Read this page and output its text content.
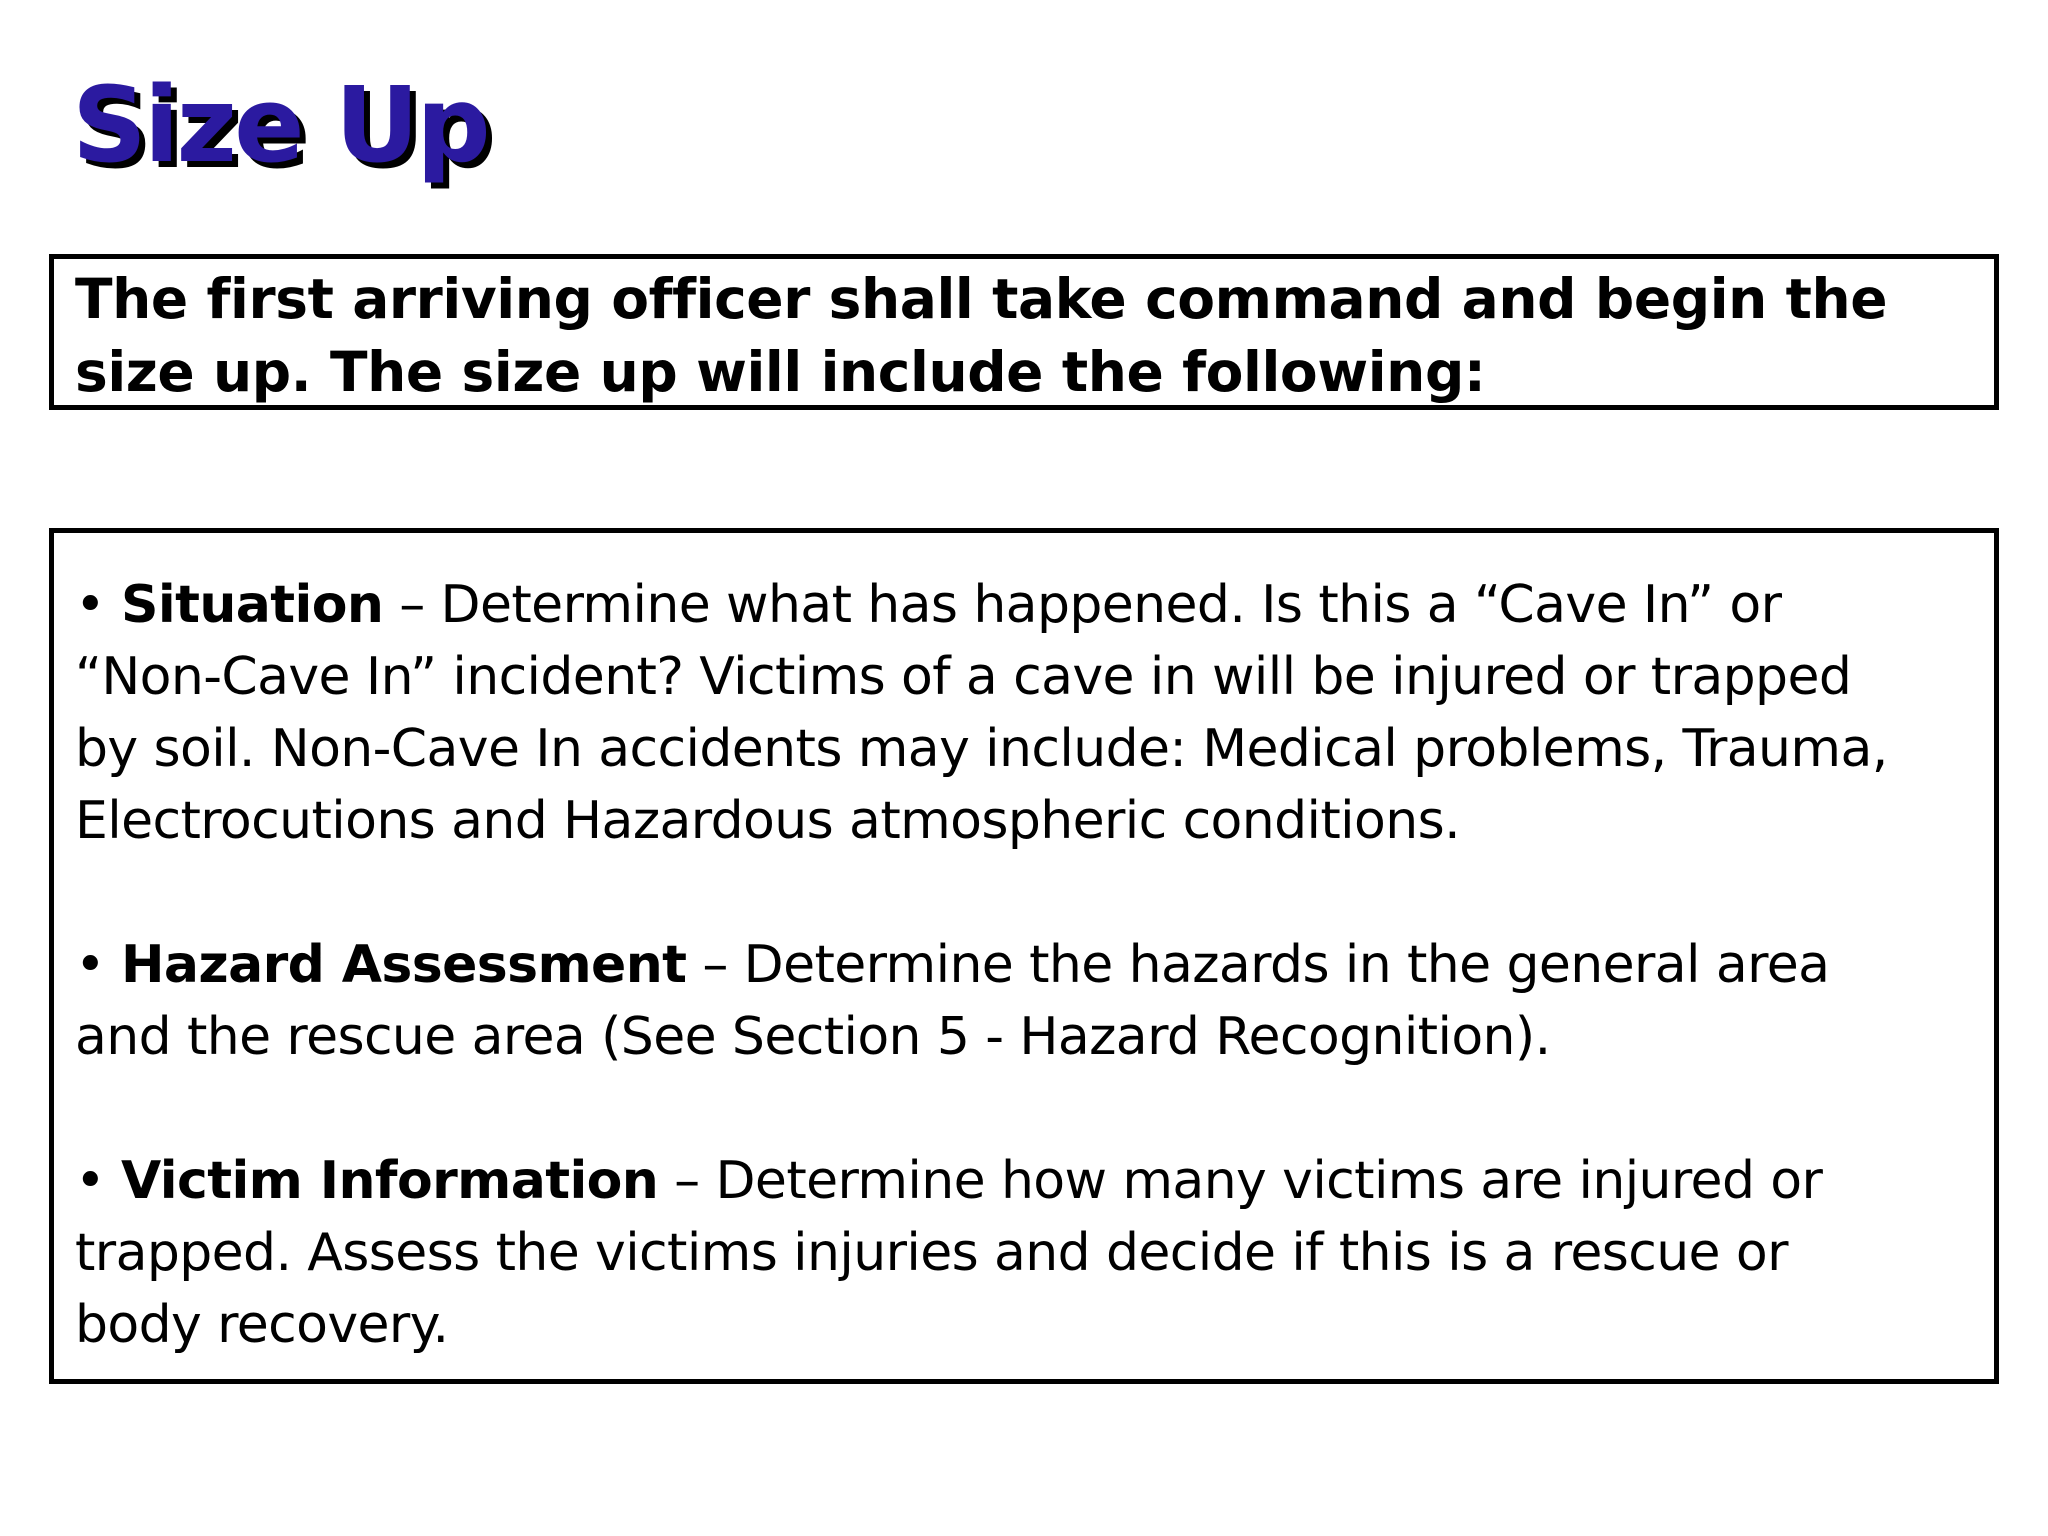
Size Up

The first arriving officer shall take command and begin the
size up. The size up will include the following:

• Situation – Determine what has happened. Is this a “Cave In” or
“Non-Cave In” incident? Victims of a cave in will be injured or trapped
by soil. Non-Cave In accidents may include: Medical problems, Trauma,
Electrocutions and Hazardous atmospheric conditions.

• Hazard Assessment – Determine the hazards in the general area
and the rescue area (See Section 5 - Hazard Recognition).

• Victim Information – Determine how many victims are injured or
trapped. Assess the victims injuries and decide if this is a rescue or
body recovery.
